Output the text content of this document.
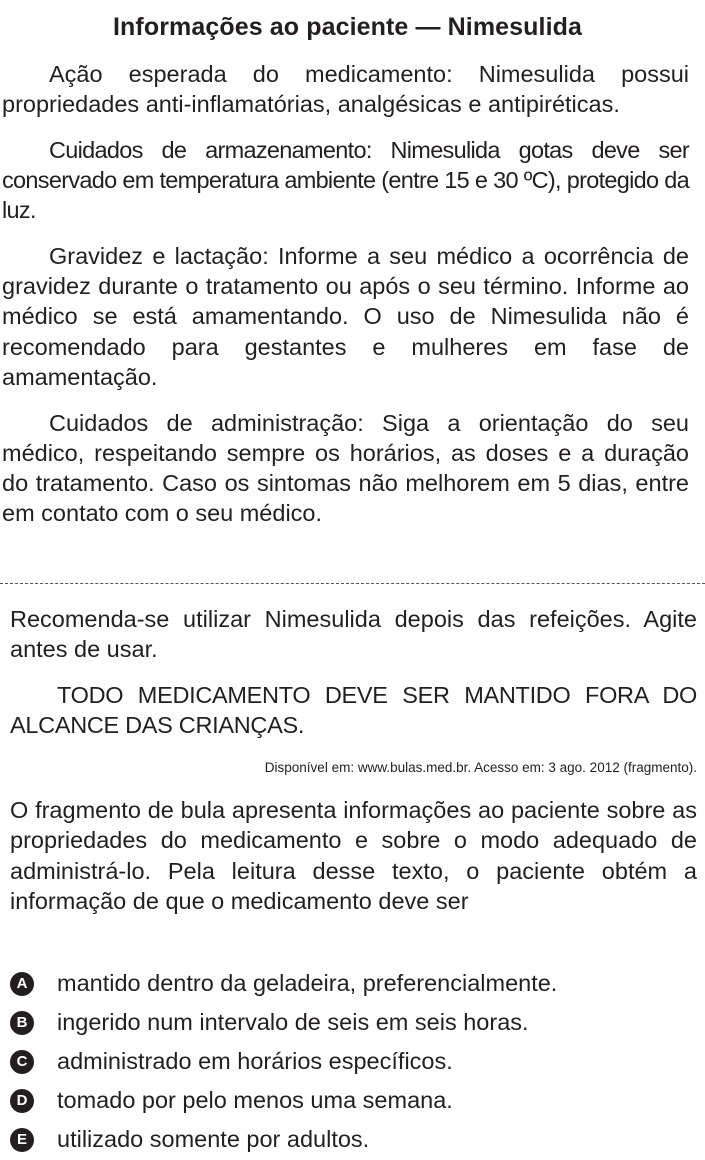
Informações ao paciente — Nimesulida

Ação esperada do medicamento: Nimesulida possui propriedades anti-inflamatórias, analgésicas e antipiréticas.

Cuidados de armazenamento: Nimesulida gotas deve ser conservado em temperatura ambiente (entre 15 e 30 ºC), protegido da luz.

Gravidez e lactação: Informe a seu médico a ocorrência de gravidez durante o tratamento ou após o seu término. Informe ao médico se está amamentando. O uso de Nimesulida não é recomendado para gestantes e mulheres em fase de amamentação.

Cuidados de administração: Siga a orientação do seu médico, respeitando sempre os horários, as doses e a duração do tratamento. Caso os sintomas não melhorem em 5 dias, entre em contato com o seu médico.

Recomenda-se utilizar Nimesulida depois das refeições. Agite antes de usar.

TODO MEDICAMENTO DEVE SER MANTIDO FORA DO ALCANCE DAS CRIANÇAS.

Disponível em: www.bulas.med.br. Acesso em: 3 ago. 2012 (fragmento).
O fragmento de bula apresenta informações ao paciente sobre as propriedades do medicamento e sobre o modo adequado de administrá-lo. Pela leitura desse texto, o paciente obtém a informação de que o medicamento deve ser
A mantido dentro da geladeira, preferencialmente.
B ingerido num intervalo de seis em seis horas.
C administrado em horários específicos.
D tomado por pelo menos uma semana.
E utilizado somente por adultos.
